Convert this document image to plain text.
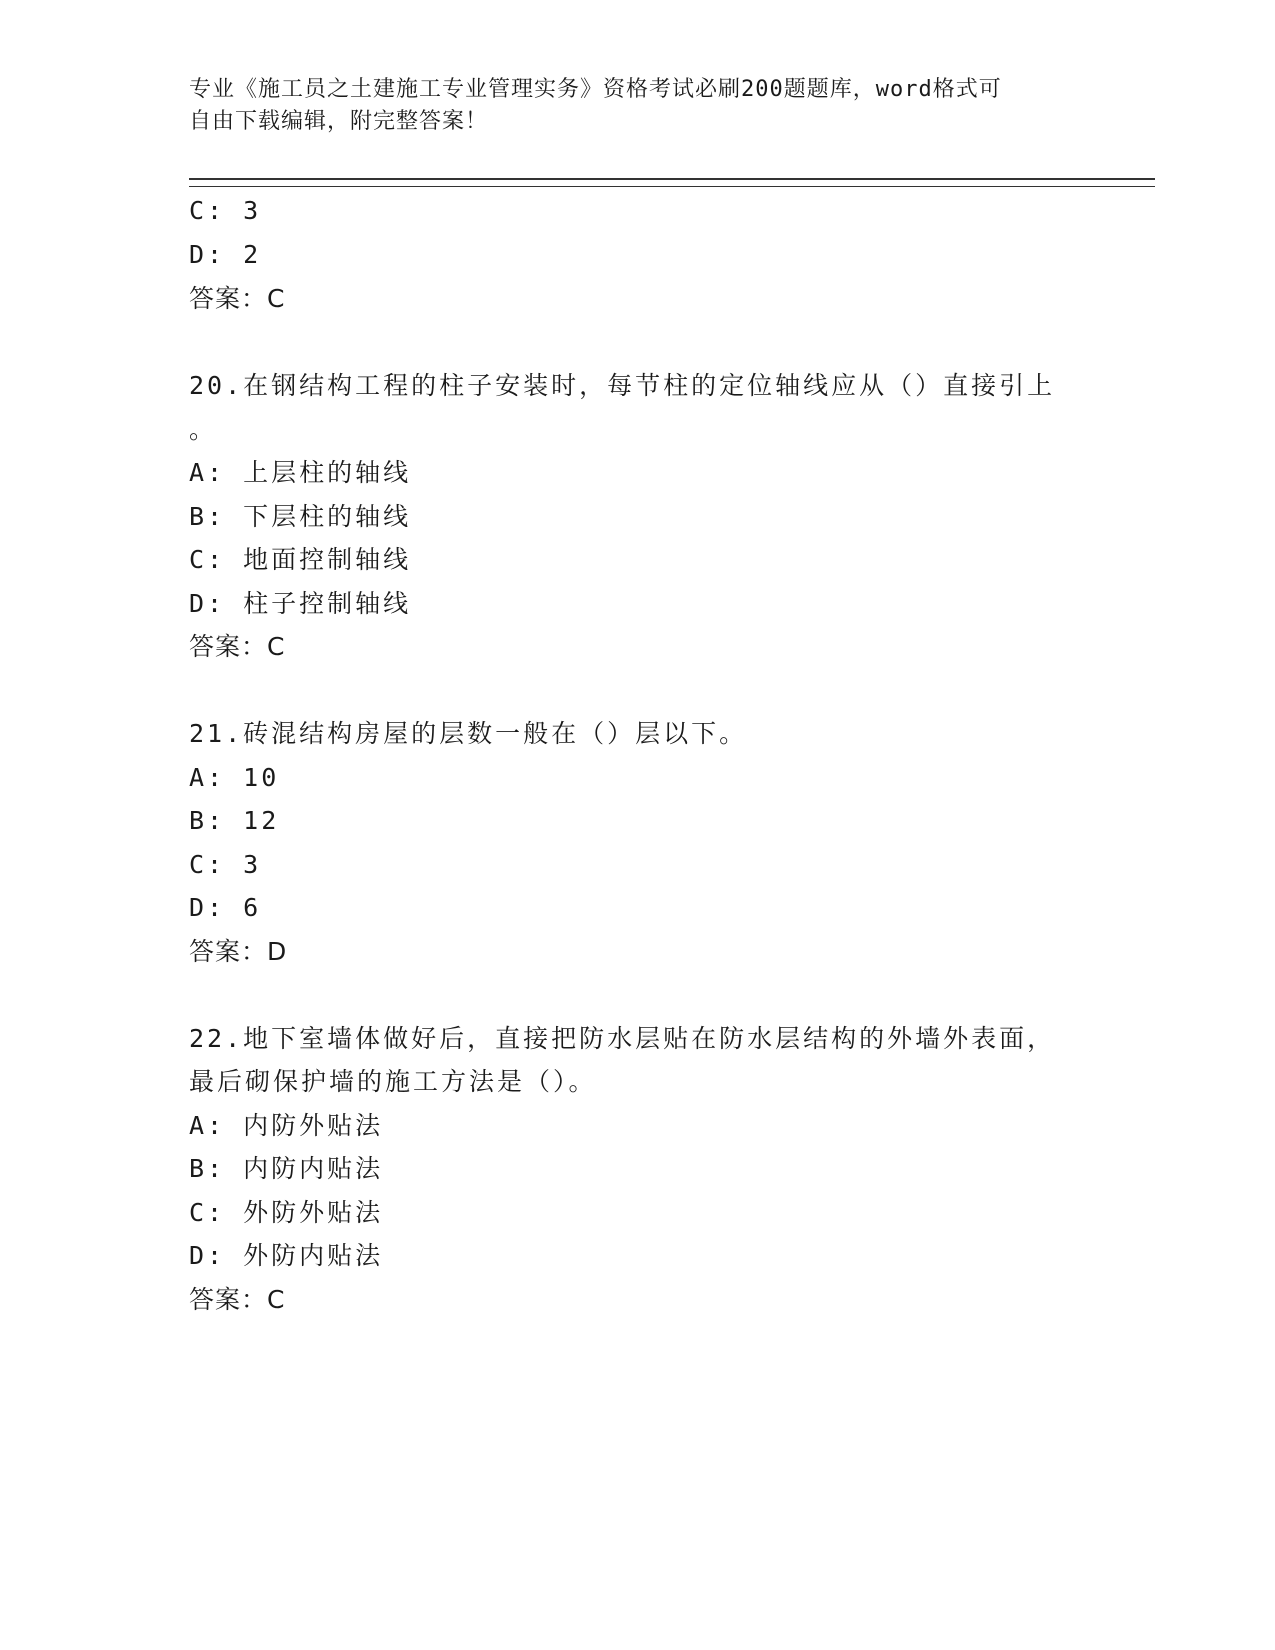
专业《施工员之土建施工专业管理实务》资格考试必刷200题题库，word格式可
自由下载编辑，附完整答案！
C: 3
D: 2
答案：C
20.在钢结构工程的柱子安装时，每节柱的定位轴线应从（）直接引上
。
A: 上层柱的轴线
B: 下层柱的轴线
C: 地面控制轴线
D: 柱子控制轴线
答案：C
21.砖混结构房屋的层数一般在（）层以下。
A: 10
B: 12
C: 3
D: 6
答案：D
22.地下室墙体做好后，直接把防水层贴在防水层结构的外墙外表面，
最后砌保护墙的施工方法是（）。
A: 内防外贴法
B: 内防内贴法
C: 外防外贴法
D: 外防内贴法
答案：C
